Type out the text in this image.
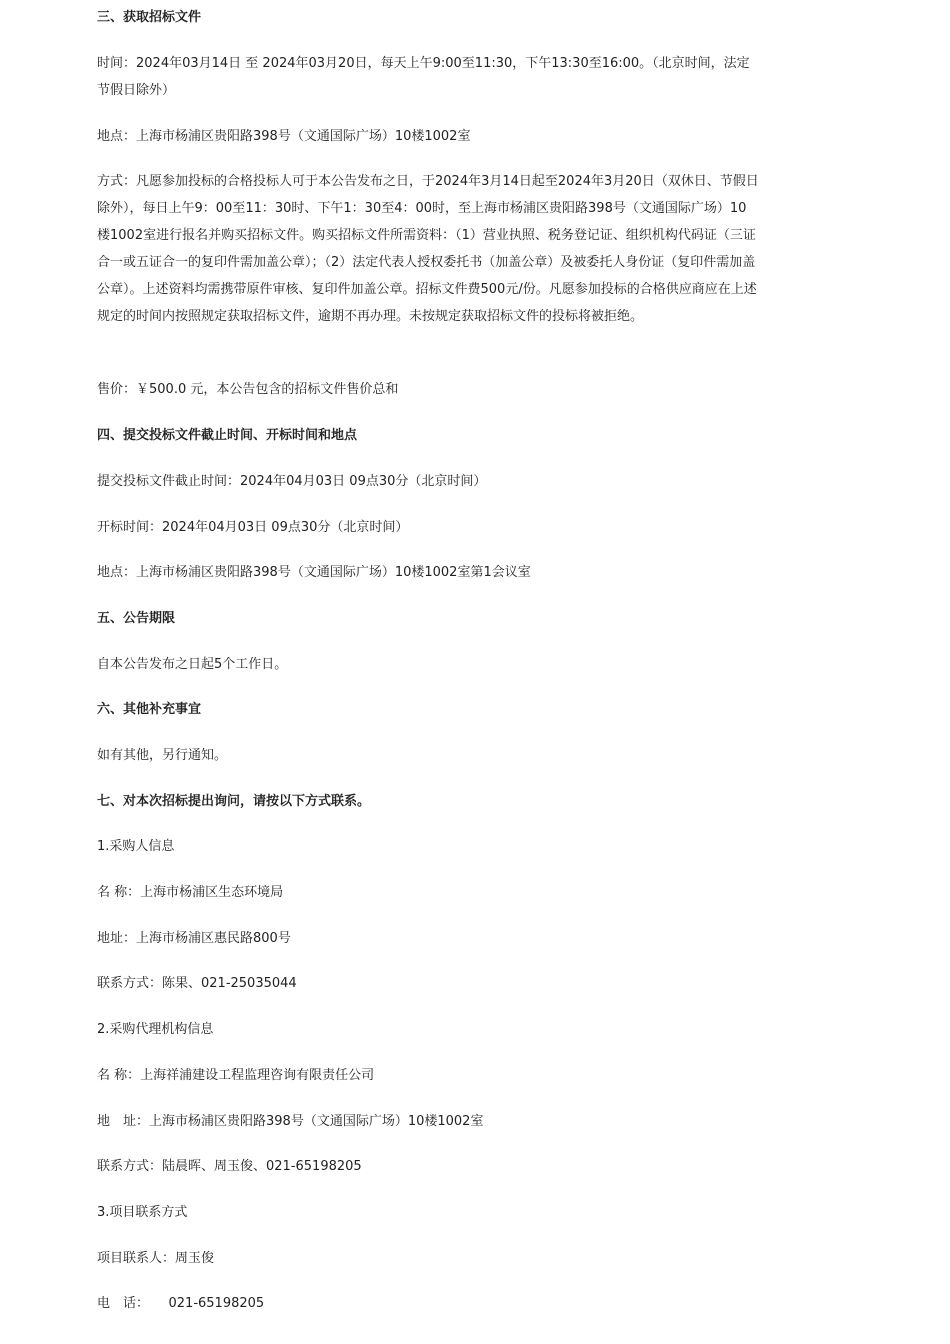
三、获取招标文件
时间：2024年03月14日 至 2024年03月20日，每天上午9:00至11:30，下午13:30至16:00。（北京时间，法定节假日除外）
地点：上海市杨浦区贵阳路398号（文通国际广场）10楼1002室
方式：凡愿参加投标的合格投标人可于本公告发布之日，于2024年3月14日起至2024年3月20日（双休日、节假日除外），每日上午9：00至11：30时、下午1：30至4：00时，至上海市杨浦区贵阳路398号（文通国际广场）10楼1002室进行报名并购买招标文件。购买招标文件所需资料：（1）营业执照、税务登记证、组织机构代码证（三证合一或五证合一的复印件需加盖公章）；（2）法定代表人授权委托书（加盖公章）及被委托人身份证（复印件需加盖公章）。上述资料均需携带原件审核、复印件加盖公章。招标文件费500元/份。凡愿参加投标的合格供应商应在上述规定的时间内按照规定获取招标文件，逾期不再办理。未按规定获取招标文件的投标将被拒绝。
售价：￥500.0 元，本公告包含的招标文件售价总和
四、提交投标文件截止时间、开标时间和地点
提交投标文件截止时间：2024年04月03日 09点30分（北京时间）
开标时间：2024年04月03日 09点30分（北京时间）
地点：上海市杨浦区贵阳路398号（文通国际广场）10楼1002室第1会议室
五、公告期限
自本公告发布之日起5个工作日。
六、其他补充事宜
如有其他，另行通知。
七、对本次招标提出询问，请按以下方式联系。
1.采购人信息
名 称：上海市杨浦区生态环境局
地址：上海市杨浦区惠民路800号
联系方式：陈果、021-25035044
2.采购代理机构信息
名 称：上海祥浦建设工程监理咨询有限责任公司
地　址：上海市杨浦区贵阳路398号（文通国际广场）10楼1002室
联系方式：陆晨晖、周玉俊、021-65198205
3.项目联系方式
项目联系人：周玉俊
电　话：　　021-65198205
